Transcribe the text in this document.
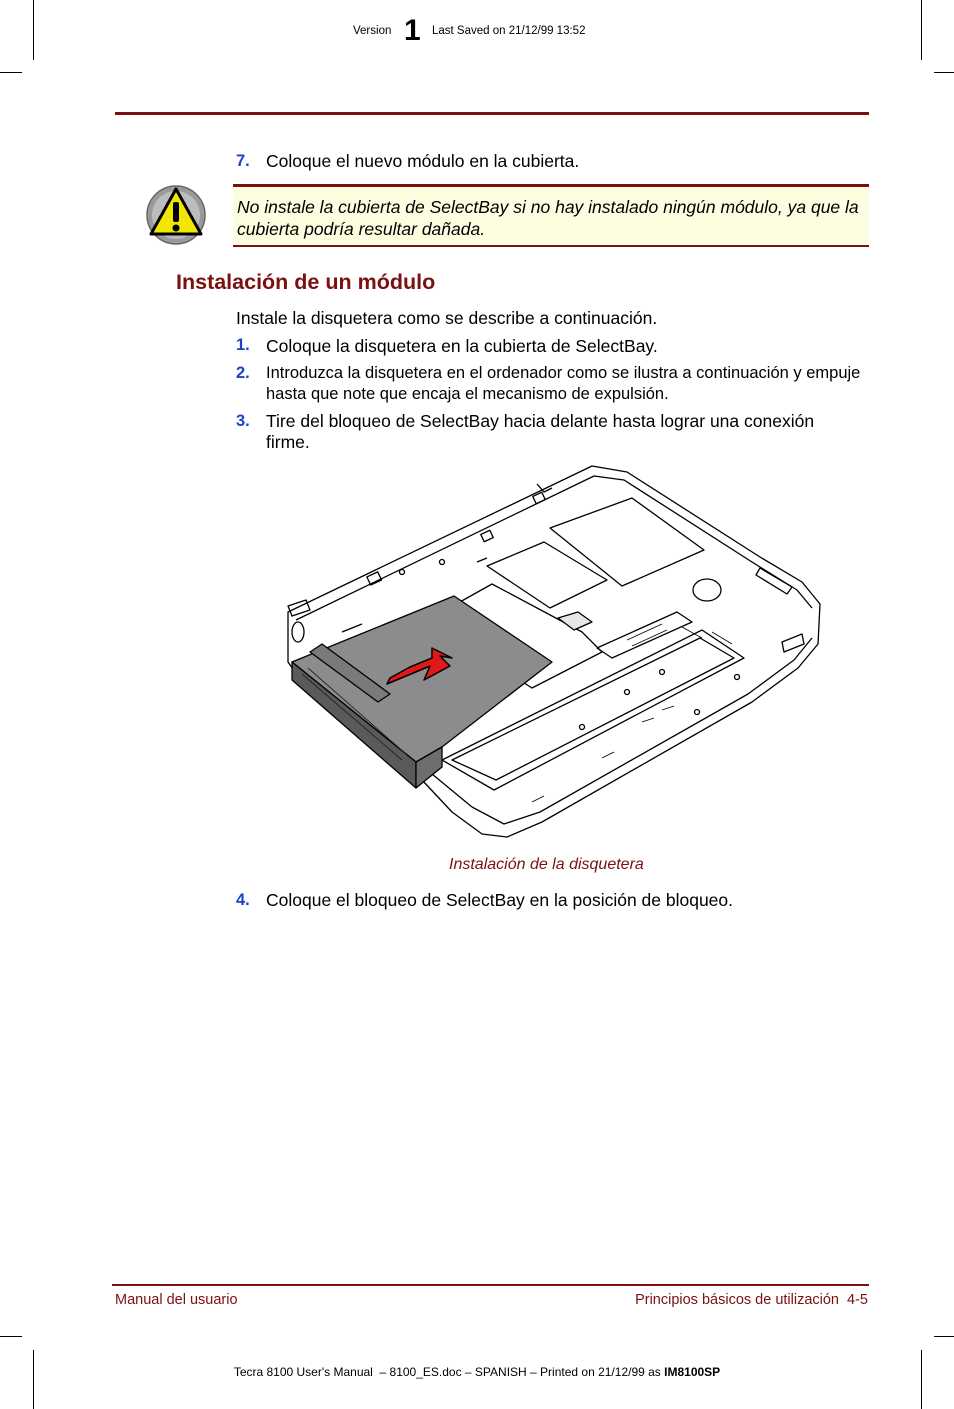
Version 1 Last Saved on 21/12/99 13:52
7. Coloque el nuevo módulo en la cubierta.
No instale la cubierta de SelectBay si no hay instalado ningún módulo, ya que la cubierta podría resultar dañada.
Instalación de un módulo
Instale la disquetera como se describe a continuación.
1. Coloque la disquetera en la cubierta de SelectBay.
2. Introduzca la disquetera en el ordenador como se ilustra a continuación y empuje hasta que note que encaja el mecanismo de expulsión.
3. Tire del bloqueo de SelectBay hacia delante hasta lograr una conexión firme.
Instalación de la disquetera
4. Coloque el bloqueo de SelectBay en la posición de bloqueo.
Manual del usuario	Principios básicos de utilización  4-5
Tecra 8100 User's Manual  – 8100_ES.doc – SPANISH – Printed on 21/12/99 as IM8100SP
